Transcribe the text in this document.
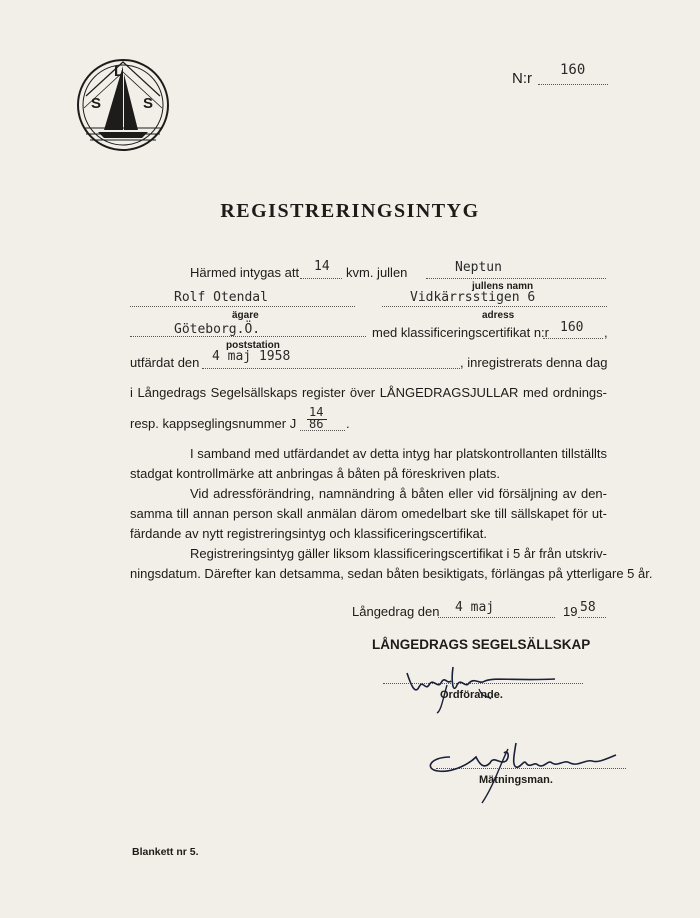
L
S	S
N:r 160
REGISTRERINGSINTYG
Härmed intygas att 14 kvm. jullen	Neptun
jullens namn
Rolf Otendal
ägare
Vidkärrsstigen 6
adress
Göteborg.Ö.
poststation
med klassificeringscertifikat n:r 160 ,
utfärdat den 4 maj 1958	, inregistrerats denna dag
i Långedrags Segelsällskaps register över LÅNGEDRAGSJULLAR med ordnings-
resp. kappseglingsnummer J
14
86 .
I samband med utfärdandet av detta intyg har platskontrollanten tillställts
stadgat kontrollmärke att anbringas å båten på föreskriven plats.
Vid adressförändring, namnändring å båten eller vid försäljning av den-
samma till annan person skall anmälan därom omedelbart ske till sällskapet för ut-
färdande av nytt registreringsintyg och klassificeringscertifikat.
Registreringsintyg gäller liksom klassificeringscertifikat i 5 år från utskriv-
ningsdatum. Därefter kan detsamma, sedan båten besiktigats, förlängas på ytterligare 5 år.
Långedrag den 4 maj	19 58
LÅNGEDRAGS SEGELSÄLLSKAP
Ordförande.
Mätningsman.
Blankett nr 5.
